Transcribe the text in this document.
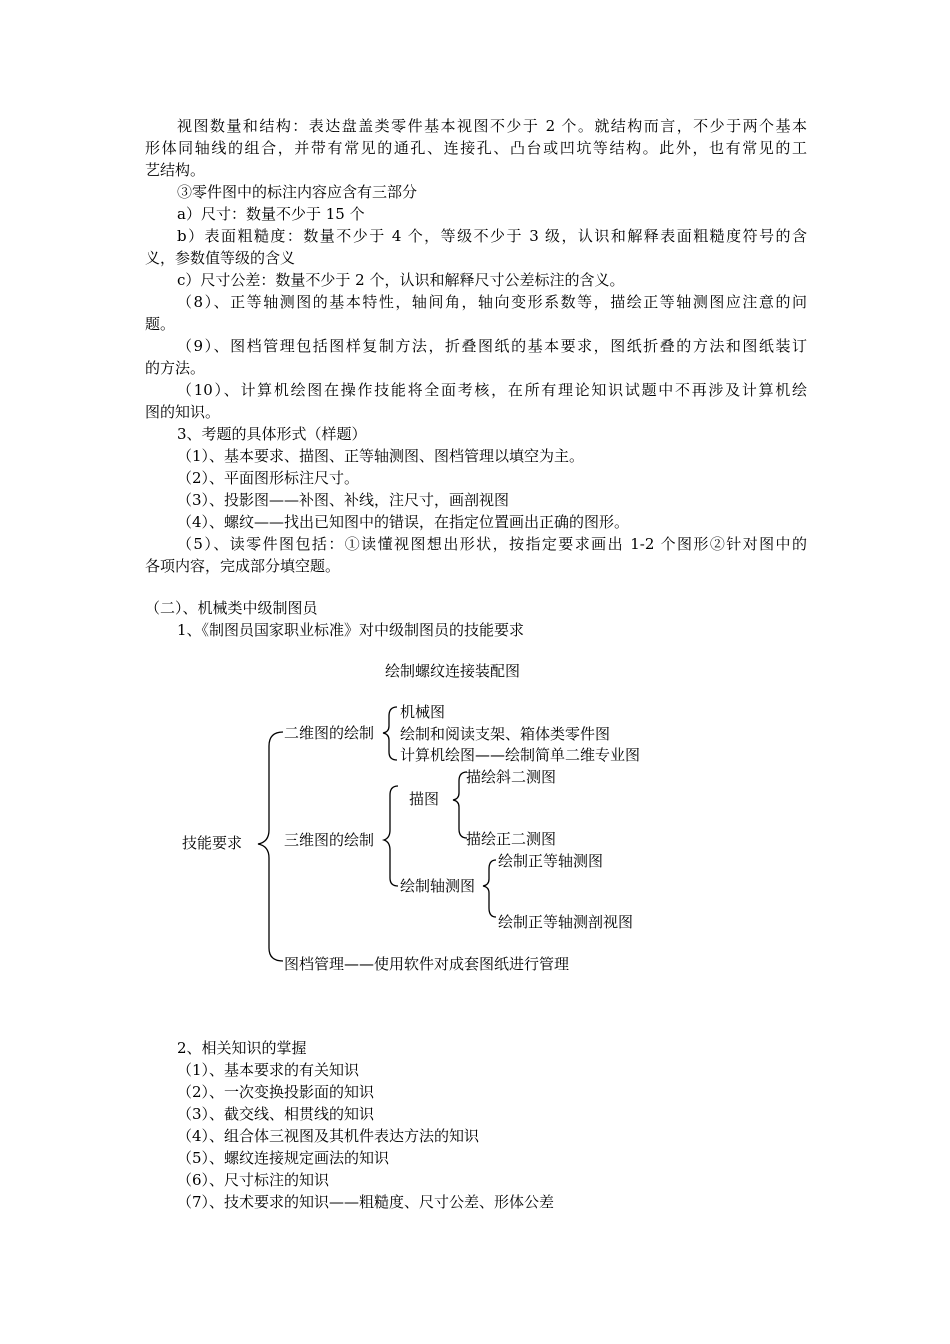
视图数量和结构：表达盘盖类零件基本视图不少于 2 个。就结构而言，不少于两个基本
形体同轴线的组合，并带有常见的通孔、连接孔、凸台或凹坑等结构。此外，也有常见的工
艺结构。
③零件图中的标注内容应含有三部分
a）尺寸：数量不少于 15 个
b）表面粗糙度：数量不少于 4 个，等级不少于 3 级，认识和解释表面粗糙度符号的含
义，参数值等级的含义
c）尺寸公差：数量不少于 2 个，认识和解释尺寸公差标注的含义。
（8）、正等轴测图的基本特性，轴间角，轴向变形系数等，描绘正等轴测图应注意的问
题。
（9）、图档管理包括图样复制方法，折叠图纸的基本要求，图纸折叠的方法和图纸装订
的方法。
（10）、计算机绘图在操作技能将全面考核，在所有理论知识试题中不再涉及计算机绘
图的知识。
3、考题的具体形式（样题）
（1）、基本要求、描图、正等轴测图、图档管理以填空为主。
（2）、平面图形标注尺寸。
（3）、投影图——补图、补线，注尺寸，画剖视图
（4）、螺纹——找出已知图中的错误，在指定位置画出正确的图形。
（5）、读零件图包括：①读懂视图想出形状，按指定要求画出 1-2 个图形②针对图中的
各项内容，完成部分填空题。
（二）、机械类中级制图员
1、《制图员国家职业标准》对中级制图员的技能要求
绘制螺纹连接装配图
技能要求
二维图的绘制
机械图
绘制和阅读支架、箱体类零件图
计算机绘图——绘制简单二维专业图
三维图的绘制
描图
描绘斜二测图
描绘正二测图
绘制轴测图
绘制正等轴测图
绘制正等轴测剖视图
图档管理——使用软件对成套图纸进行管理
2、相关知识的掌握
（1）、基本要求的有关知识
（2）、一次变换投影面的知识
（3）、截交线、相贯线的知识
（4）、组合体三视图及其机件表达方法的知识
（5）、螺纹连接规定画法的知识
（6）、尺寸标注的知识
（7）、技术要求的知识——粗糙度、尺寸公差、形体公差
